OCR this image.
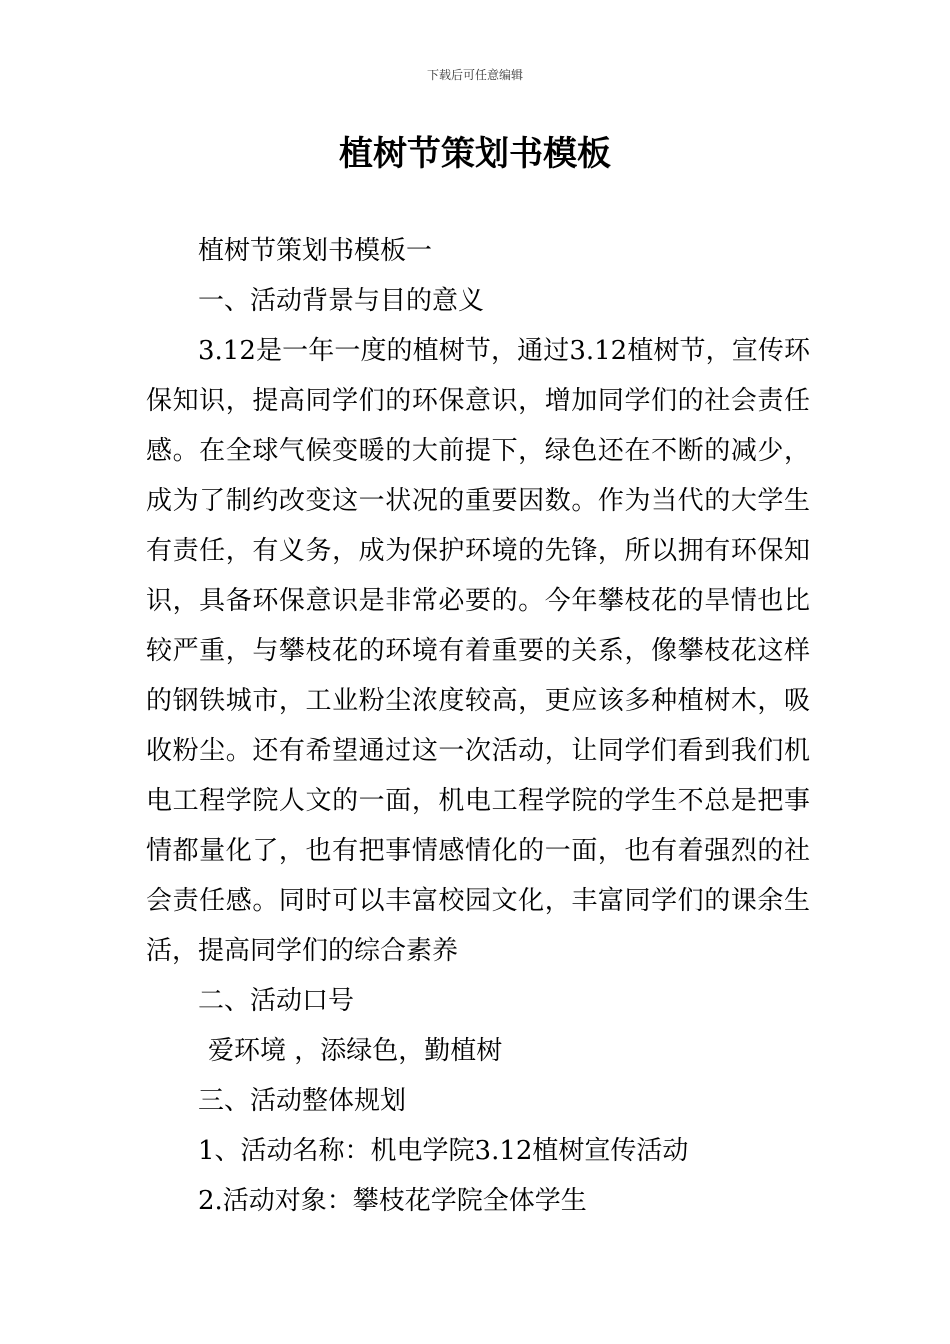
下载后可任意编辑
植树节策划书模板

植树节策划书模板一

一、活动背景与目的意义

3.12是一年一度的植树节，通过3.12植树节，宣传环保知识，提高同学们的环保意识，增加同学们的社会责任感。在全球气候变暖的大前提下，绿色还在不断的减少，成为了制约改变这一状况的重要因数。作为当代的大学生有责任，有义务，成为保护环境的先锋，所以拥有环保知识，具备环保意识是非常必要的。今年攀枝花的旱情也比较严重，与攀枝花的环境有着重要的关系，像攀枝花这样的钢铁城市，工业粉尘浓度较高，更应该多种植树木，吸收粉尘。还有希望通过这一次活动，让同学们看到我们机电工程学院人文的一面，机电工程学院的学生不总是把事情都量化了，也有把事情感情化的一面，也有着强烈的社会责任感。同时可以丰富校园文化，丰富同学们的课余生活，提高同学们的综合素养

二、活动口号

爱环境 ，添绿色，勤植树

三、活动整体规划

1、活动名称：机电学院3.12植树宣传活动

2.活动对象：攀枝花学院全体学生
